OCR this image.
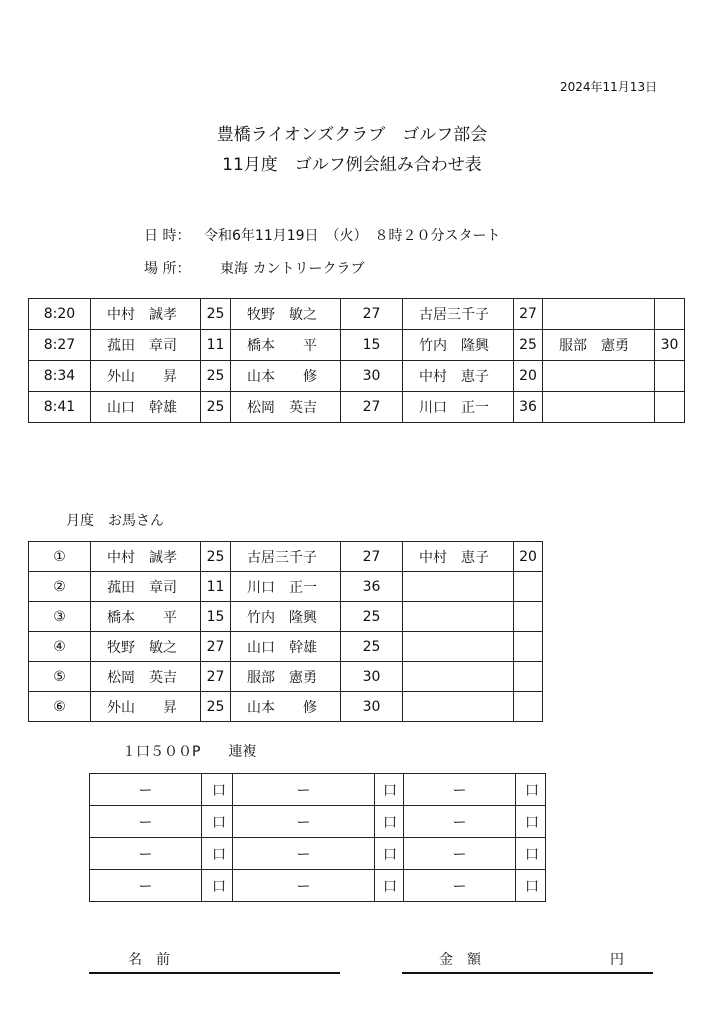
2024年11月13日
豊橋ライオンズクラブ　ゴルフ部会
11月度　ゴルフ例会組み合わせ表
日 時： 令和6年11月19日　（火）　８時２０分スタート
場 所： 東海 カントリークラブ
8:20	中村　誠孝	25	牧野　敏之	27	古居三千子	27		
8:27	菰田　章司	11	橋本　　平	15	竹内　隆興	25	服部　憲勇	30
8:34	外山　　昇	25	山本　　修	30	中村　恵子	20		
8:41	山口　幹雄	25	松岡　英吉	27	川口　正一	36		
月度　お馬さん
①	中村　誠孝	25	古居三千子	27	中村　恵子	20
②	菰田　章司	11	川口　正一	36		
③	橋本　　平	15	竹内　隆興	25		
④	牧野　敏之	27	山口　幹雄	25		
⑤	松岡　英吉	27	服部　憲勇	30		
⑥	外山　　昇	25	山本　　修	30		
１口５００P　　連複
ー	口	ー	口	ー	口
ー	口	ー	口	ー	口
ー	口	ー	口	ー	口
ー	口	ー	口	ー	口
名　前	金　額	円
